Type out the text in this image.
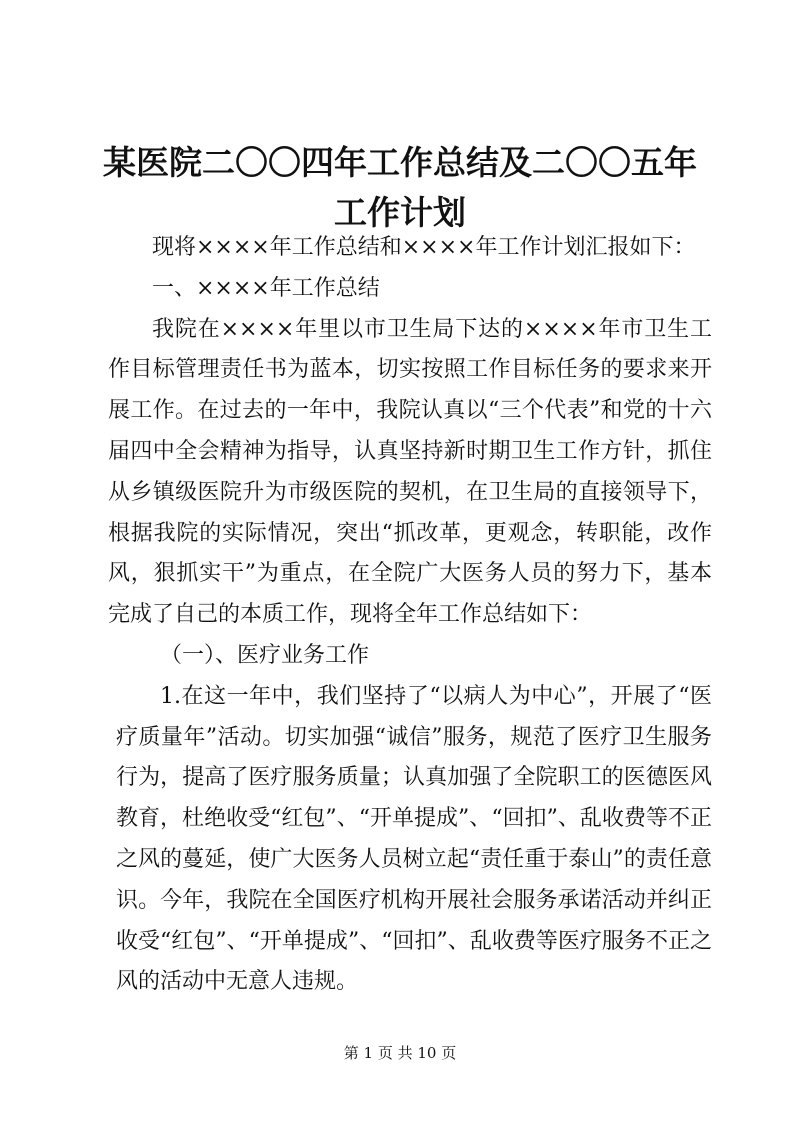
某医院二〇〇四年工作总结及二〇〇五年工作计划

现将××××年工作总结和××××年工作计划汇报如下：

一、××××年工作总结

我院在××××年里以市卫生局下达的××××年市卫生工作目标管理责任书为蓝本，切实按照工作目标任务的要求来开展工作。在过去的一年中，我院认真以“三个代表”和党的十六届四中全会精神为指导，认真坚持新时期卫生工作方针，抓住从乡镇级医院升为市级医院的契机，在卫生局的直接领导下，根据我院的实际情况，突出“抓改革，更观念，转职能，改作风，狠抓实干”为重点，在全院广大医务人员的努力下，基本完成了自己的本质工作，现将全年工作总结如下：

（一）、医疗业务工作

1.在这一年中，我们坚持了“以病人为中心”，开展了“医疗质量年”活动。切实加强“诚信”服务，规范了医疗卫生服务行为，提高了医疗服务质量；认真加强了全院职工的医德医风教育，杜绝收受“红包”、“开单提成”、“回扣”、乱收费等不正之风的蔓延，使广大医务人员树立起“责任重于泰山”的责任意识。今年，我院在全国医疗机构开展社会服务承诺活动并纠正收受“红包”、“开单提成”、“回扣”、乱收费等医疗服务不正之风的活动中无意人违规。

第 1 页 共 10 页
